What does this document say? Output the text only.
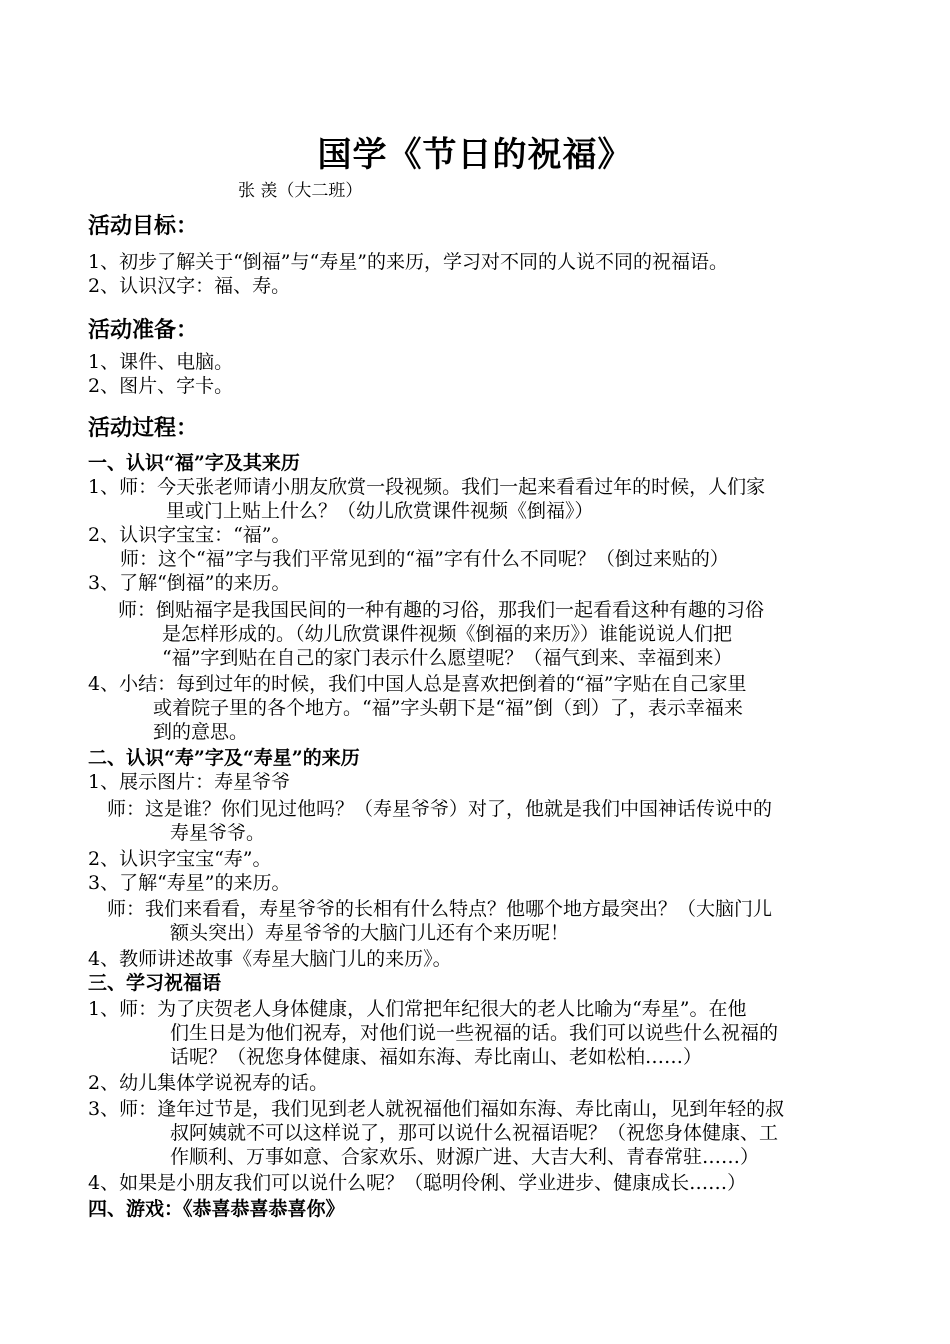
国学《节日的祝福》
张 羡（大二班）
活动目标：
1、初步了解关于“倒福”与“寿星”的来历，学习对不同的人说不同的祝福语。
2、认识汉字：福、寿。
活动准备：
1、课件、电脑。
2、图片、字卡。
活动过程：
一、认识“福”字及其来历
1、师：今天张老师请小朋友欣赏一段视频。我们一起来看看过年的时候，人们家
里或门上贴上什么？（幼儿欣赏课件视频《倒福》）
2、认识字宝宝：“福”。
师：这个“福”字与我们平常见到的“福”字有什么不同呢？（倒过来贴的）
3、了解“倒福”的来历。
师：倒贴福字是我国民间的一种有趣的习俗，那我们一起看看这种有趣的习俗
是怎样形成的。（幼儿欣赏课件视频《倒福的来历》）谁能说说人们把
“福”字到贴在自己的家门表示什么愿望呢？（福气到来、幸福到来）
4、小结：每到过年的时候，我们中国人总是喜欢把倒着的“福”字贴在自己家里
或着院子里的各个地方。“福”字头朝下是“福”倒（到）了，表示幸福来
到的意思。
二、认识“寿”字及“寿星”的来历
1、展示图片：寿星爷爷
师：这是谁？你们见过他吗？（寿星爷爷）对了，他就是我们中国神话传说中的
寿星爷爷。
2、认识字宝宝“寿”。
3、了解“寿星”的来历。
师：我们来看看，寿星爷爷的长相有什么特点？他哪个地方最突出？（大脑门儿
额头突出）寿星爷爷的大脑门儿还有个来历呢！
4、教师讲述故事《寿星大脑门儿的来历》。
三、学习祝福语
1、师：为了庆贺老人身体健康，人们常把年纪很大的老人比喻为“寿星”。在他
们生日是为他们祝寿，对他们说一些祝福的话。我们可以说些什么祝福的
话呢？（祝您身体健康、福如东海、寿比南山、老如松柏……）
2、幼儿集体学说祝寿的话。
3、师：逢年过节是，我们见到老人就祝福他们福如东海、寿比南山，见到年轻的叔
叔阿姨就不可以这样说了，那可以说什么祝福语呢？（祝您身体健康、工
作顺利、万事如意、合家欢乐、财源广进、大吉大利、青春常驻……）
4、如果是小朋友我们可以说什么呢？（聪明伶俐、学业进步、健康成长……）
四、游戏：《恭喜恭喜恭喜你》
